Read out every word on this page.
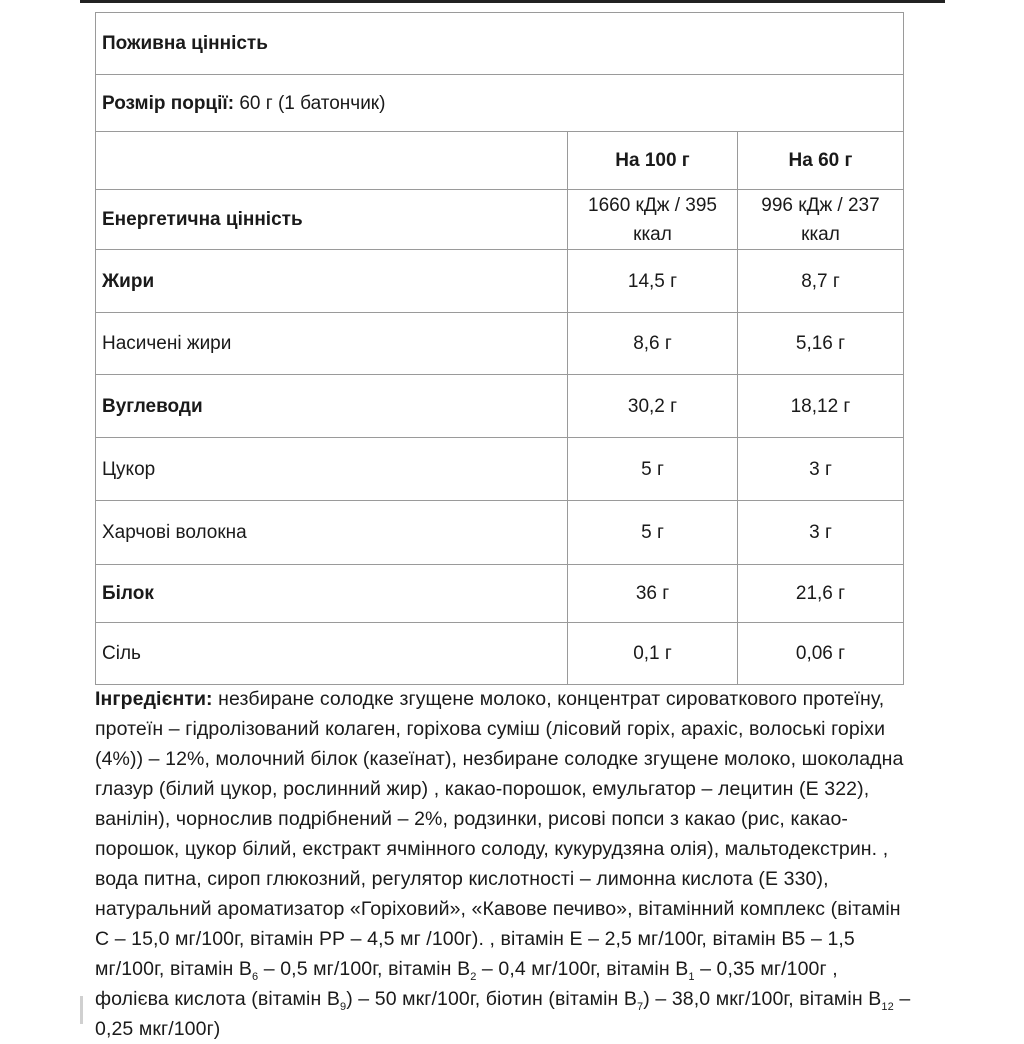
Поживна цінність		
Розмір порції: 60 г (1 батончик)		
	На 100 г	На 60 г
Енергетична цінність	1660 кДж / 395 ккал	996 кДж / 237 ккал
Жири	14,5 г	8,7 г
Насичені жири	8,6 г	5,16 г
Вуглеводи	30,2 г	18,12 г
Цукор	5 г	3 г
Харчові волокна	5 г	3 г
Білок	36 г	21,6 г
Сіль	0,1 г	0,06 г
Інгредієнти: незбиране солодке згущене молоко, концентрат сироваткового протеїну, протеїн – гідролізований колаген, горіхова суміш (лісовий горіх, арахіс, волоські горіхи (4%)) – 12%, молочний білок (казеїнат), незбиране солодке згущене молоко, шоколадна глазур (білий цукор, рослинний жир) , какао-порошок, емульгатор – лецитин (Е 322), ванілін), чорнослив подрібнений – 2%, родзинки, рисові попси з какао (рис, какао-порошок, цукор білий, екстракт ячмінного солоду, кукурудзяна олія), мальтодекстрин. , вода питна, сироп глюкозний, регулятор кислотності – лимонна кислота (Е 330), натуральний ароматизатор «Горіховий», «Кавове печиво», вітамінний комплекс (вітамін С – 15,0 мг/100г, вітамін РР – 4,5 мг /100г). , вітамін Е – 2,5 мг/100г, вітамін В5 – 1,5 мг/100г, вітамін $В_6 - 0,5$ мг/100г, вітамін $В_2 - 0,4$ мг/100г, вітамін $В_1 - 0,35$ мг/100г , фолієва кислота (вітамін $В_9) - 50$ мкг/100г, біотин (вітамін $В_7) - 38,0$ мкг/100г, вітамін $В_{12} - 0,25$ мкг/100г)
